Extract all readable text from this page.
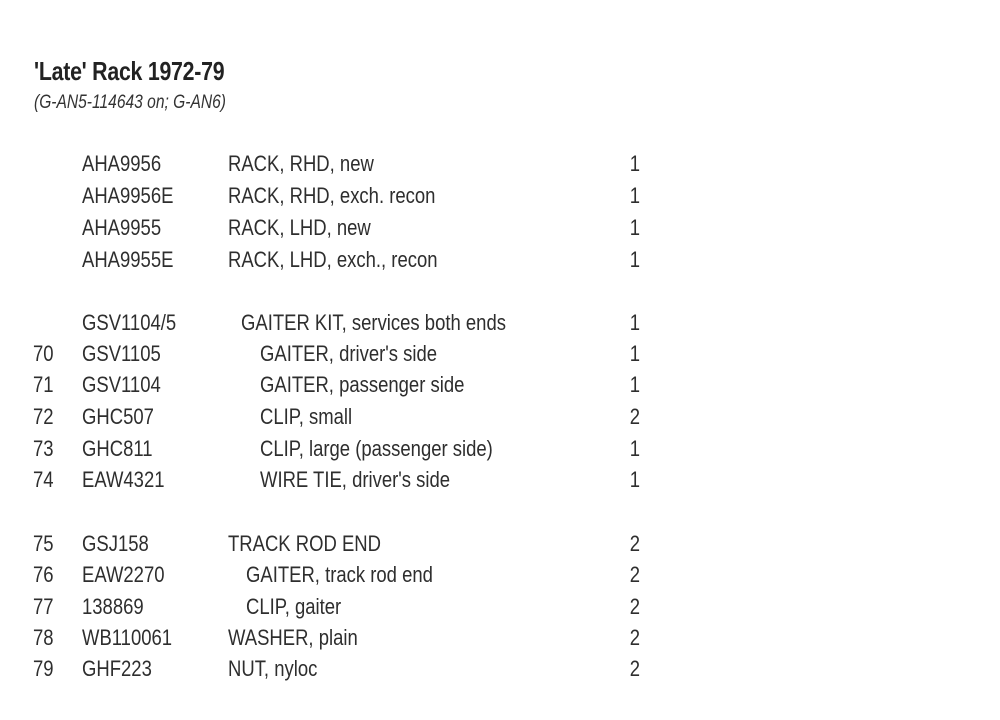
'Late' Rack 1972-79
(G-AN5-114643 on; G-AN6)
AHA9956	RACK, RHD, new	1
AHA9956E RACK, RHD, exch. recon	1
AHA9955	RACK, LHD, new	1
AHA9955E RACK, LHD, exch., recon	1
GSV1104/5	GAITER KIT, services both ends	1
70 GSV1105	GAITER, driver's side	1
71 GSV1104	GAITER, passenger side	1
72 GHC507	CLIP, small	2
73 GHC811	CLIP, large (passenger side)	1
74 EAW4321	WIRE TIE, driver's side	1
75 GSJ158	TRACK ROD END	2
76 EAW2270	GAITER, track rod end	2
77 138869	CLIP, gaiter	2
78 WB110061	WASHER, plain	2
79 GHF223	NUT, nyloc	2
